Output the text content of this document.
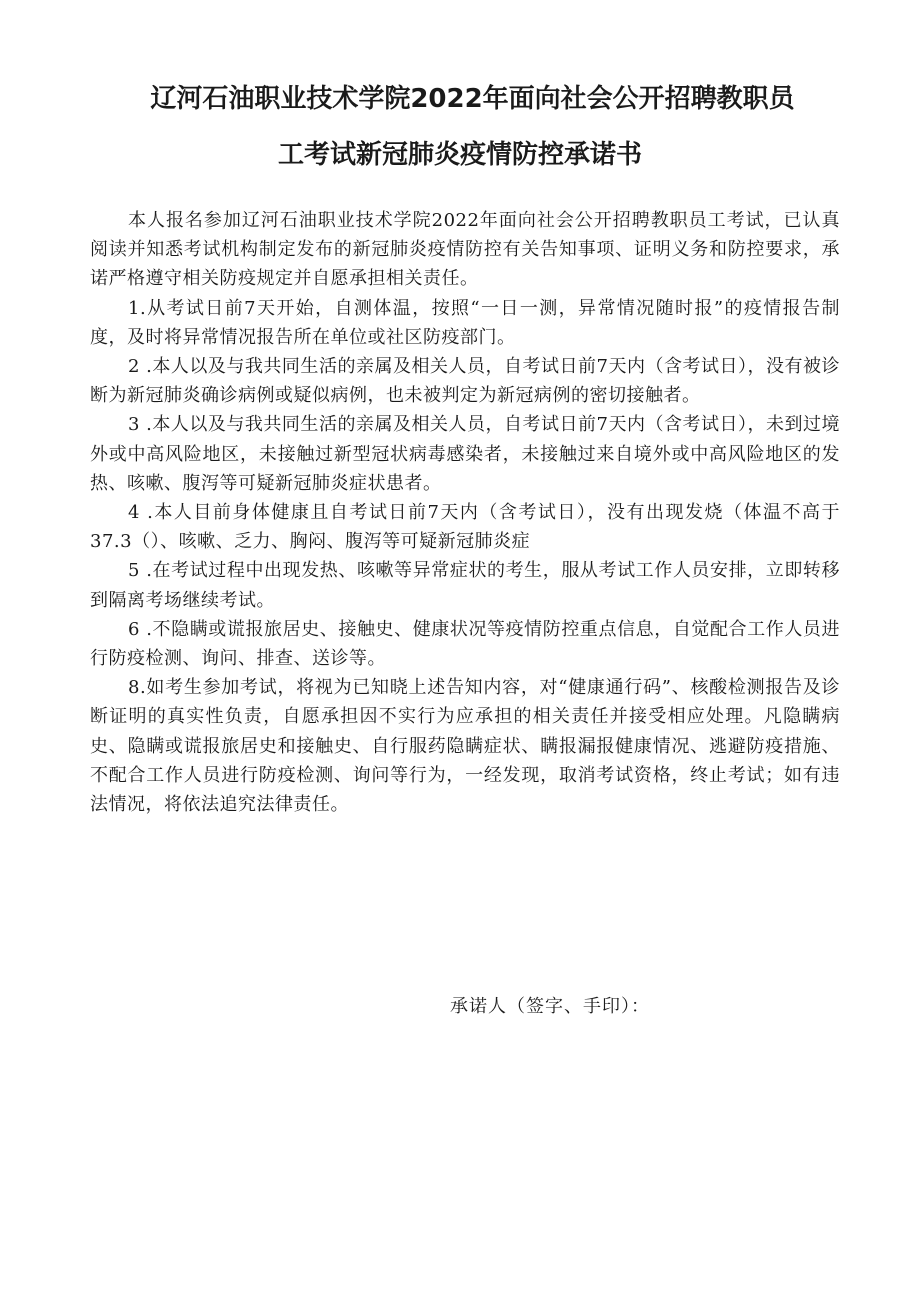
辽河石油职业技术学院2022年面向社会公开招聘教职员
工考试新冠肺炎疫情防控承诺书

本人报名参加辽河石油职业技术学院2022年面向社会公开招聘教职员工考试，已认真阅读并知悉考试机构制定发布的新冠肺炎疫情防控有关告知事项、证明义务和防控要求，承诺严格遵守相关防疫规定并自愿承担相关责任。

1.从考试日前7天开始，自测体温，按照“一日一测，异常情况随时报”的疫情报告制度，及时将异常情况报告所在单位或社区防疫部门。

2 .本人以及与我共同生活的亲属及相关人员，自考试日前7天内（含考试日），没有被诊断为新冠肺炎确诊病例或疑似病例，也未被判定为新冠病例的密切接触者。

3 .本人以及与我共同生活的亲属及相关人员，自考试日前7天内（含考试日），未到过境外或中高风险地区，未接触过新型冠状病毒感染者，未接触过来自境外或中高风险地区的发热、咳嗽、腹泻等可疑新冠肺炎症状患者。

4 .本人目前身体健康且自考试日前7天内（含考试日），没有出现发烧（体温不高于37.3（）、咳嗽、乏力、胸闷、腹泻等可疑新冠肺炎症

5 .在考试过程中出现发热、咳嗽等异常症状的考生，服从考试工作人员安排，立即转移到隔离考场继续考试。

6 .不隐瞒或谎报旅居史、接触史、健康状况等疫情防控重点信息，自觉配合工作人员进行防疫检测、询问、排查、送诊等。

8.如考生参加考试，将视为已知晓上述告知内容，对“健康通行码”、核酸检测报告及诊断证明的真实性负责，自愿承担因不实行为应承担的相关责任并接受相应处理。凡隐瞒病史、隐瞒或谎报旅居史和接触史、自行服药隐瞒症状、瞒报漏报健康情况、逃避防疫措施、不配合工作人员进行防疫检测、询问等行为，一经发现，取消考试资格，终止考试；如有违法情况，将依法追究法律责任。

承诺人（签字、手印）：
